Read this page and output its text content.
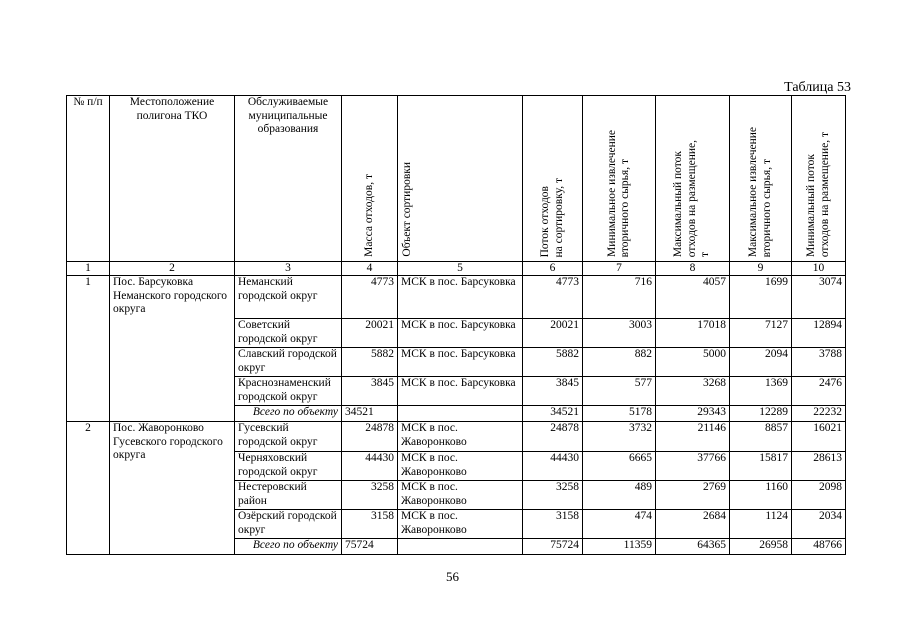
Таблица 53
№ п/п	Местоположение полигона ТКО	Обслуживаемые муниципальные образования	Масса отходов, т	Объект сортировки	Поток отходов на сортировку, т	Минимальное извлечение вторичного сырья, т	Максимальный поток отходов на размещение, т	Максимальное извлечение вторичного сырья, т	Минимальный поток отходов на размещение, т

1	2	3	4	5	6	7	8	9	10
1	Пос. Барсуковка Неманского городского округа	Неманский городской округ	4773	МСК в пос. Барсуковка	4773	716	4057	1699	3074
		Советский городской округ	20021	МСК в пос. Барсуковка	20021	3003	17018	7127	12894
		Славский городской округ	5882	МСК в пос. Барсуковка	5882	882	5000	2094	3788
		Краснознаменский городской округ	3845	МСК в пос. Барсуковка	3845	577	3268	1369	2476
		Всего по объекту	34521		34521	5178	29343	12289	22232
2	Пос. Жаворонково Гусевского городского округа	Гусевский городской округ	24878	МСК в пос. Жаворонково	24878	3732	21146	8857	16021
		Черняховский городской округ	44430	МСК в пос. Жаворонково	44430	6665	37766	15817	28613
		Нестеровский район	3258	МСК в пос. Жаворонково	3258	489	2769	1160	2098
		Озёрский городской округ	3158	МСК в пос. Жаворонково	3158	474	2684	1124	2034
		Всего по объекту	75724		75724	11359	64365	26958	48766
56
